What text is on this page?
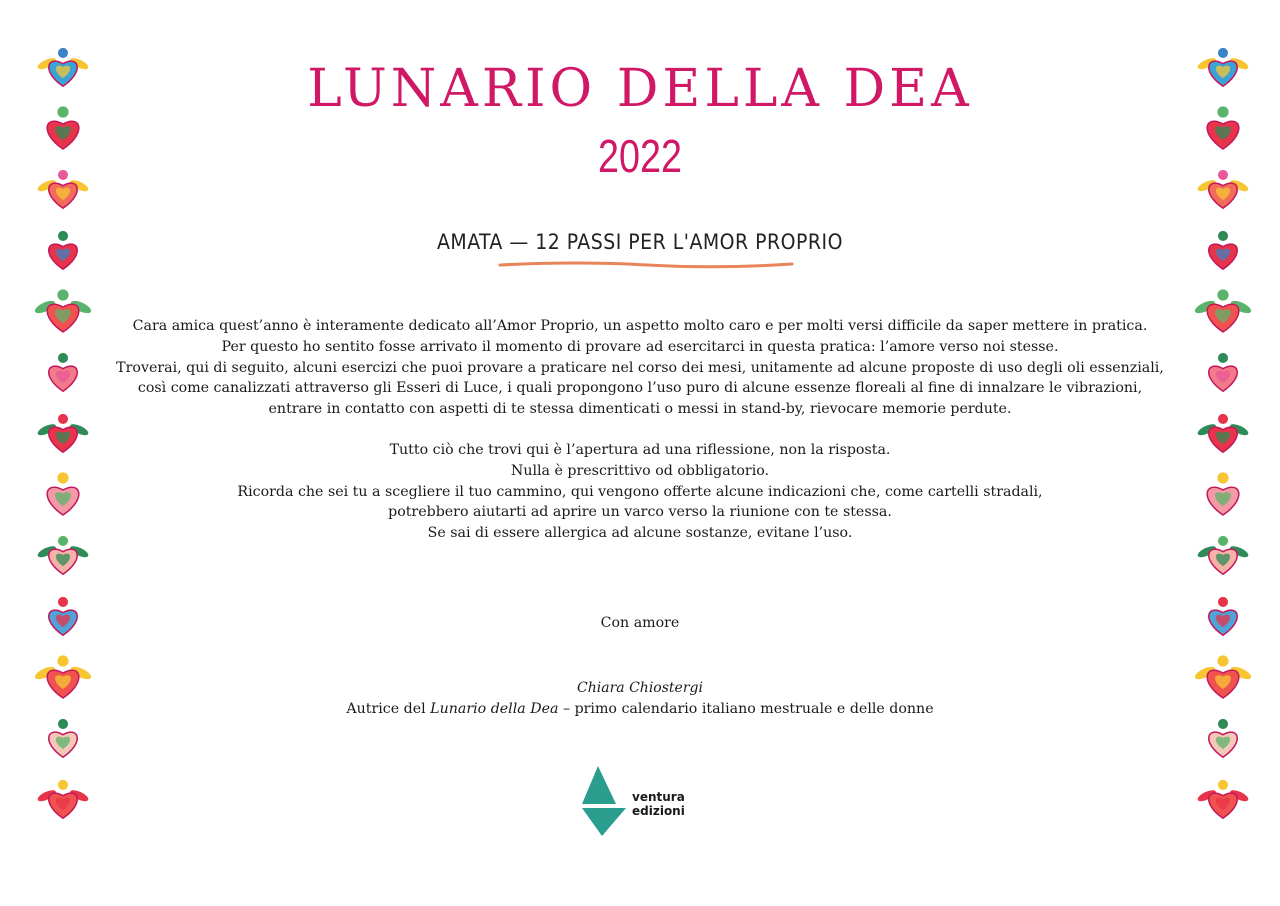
LUNARIO DELLA DEA
2022
AMATA — 12 PASSI PER L'AMOR PROPRIO

Cara amica quest’anno è interamente dedicato all’Amor Proprio, un aspetto molto caro e per molti versi difficile da saper mettere in pratica.

Per questo ho sentito fosse arrivato il momento di provare ad esercitarci in questa pratica: l’amore verso noi stesse.

Troverai, qui di seguito, alcuni esercizi che puoi provare a praticare nel corso dei mesi, unitamente ad alcune proposte di uso degli oli essenziali,

così come canalizzati attraverso gli Esseri di Luce, i quali propongono l’uso puro di alcune essenze floreali al fine di innalzare le vibrazioni,

entrare in contatto con aspetti di te stessa dimenticati o messi in stand-by, rievocare memorie perdute.

Tutto ciò che trovi qui è l’apertura ad una riflessione, non la risposta.

Nulla è prescrittivo od obbligatorio.

Ricorda che sei tu a scegliere il tuo cammino, qui vengono offerte alcune indicazioni che, come cartelli stradali,

potrebbero aiutarti ad aprire un varco verso la riunione con te stessa.

Se sai di essere allergica ad alcune sostanze, evitane l’uso.

Con amore
Chiara Chiostergi
Autrice del Lunario della Dea – primo calendario italiano mestruale e delle donne
ventura
edizioni
